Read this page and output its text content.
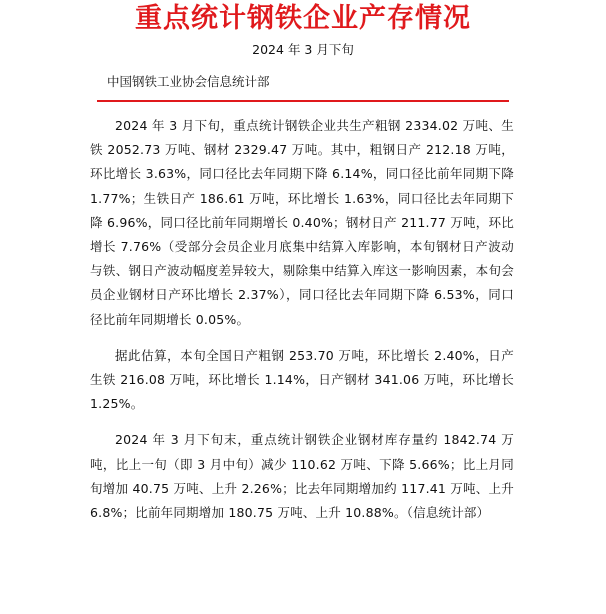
重点统计钢铁企业产存情况
2024 年 3 月下旬
中国钢铁工业协会信息统计部

2024 年 3 月下旬，重点统计钢铁企业共生产粗钢 2334.02 万吨、生铁 2052.73 万吨、钢材 2329.47 万吨。其中，粗钢日产 212.18 万吨，环比增长 3.63%，同口径比去年同期下降 6.14%，同口径比前年同期下降 1.77%；生铁日产 186.61 万吨，环比增长 1.63%，同口径比去年同期下降 6.96%，同口径比前年同期增长 0.40%；钢材日产 211.77 万吨，环比增长 7.76%（受部分会员企业月底集中结算入库影响，本旬钢材日产波动与铁、钢日产波动幅度差异较大，剔除集中结算入库这一影响因素，本旬会员企业钢材日产环比增长 2.37%），同口径比去年同期下降 6.53%，同口径比前年同期增长 0.05%。

据此估算，本旬全国日产粗钢 253.70 万吨，环比增长 2.40%，日产生铁 216.08 万吨，环比增长 1.14%，日产钢材 341.06 万吨，环比增长 1.25%。

2024 年 3 月下旬末，重点统计钢铁企业钢材库存量约 1842.74 万吨，比上一旬（即 3 月中旬）减少 110.62 万吨、下降 5.66%；比上月同旬增加 40.75 万吨、上升 2.26%；比去年同期增加约 117.41 万吨、上升 6.8%；比前年同期增加 180.75 万吨、上升 10.88%。（信息统计部）
